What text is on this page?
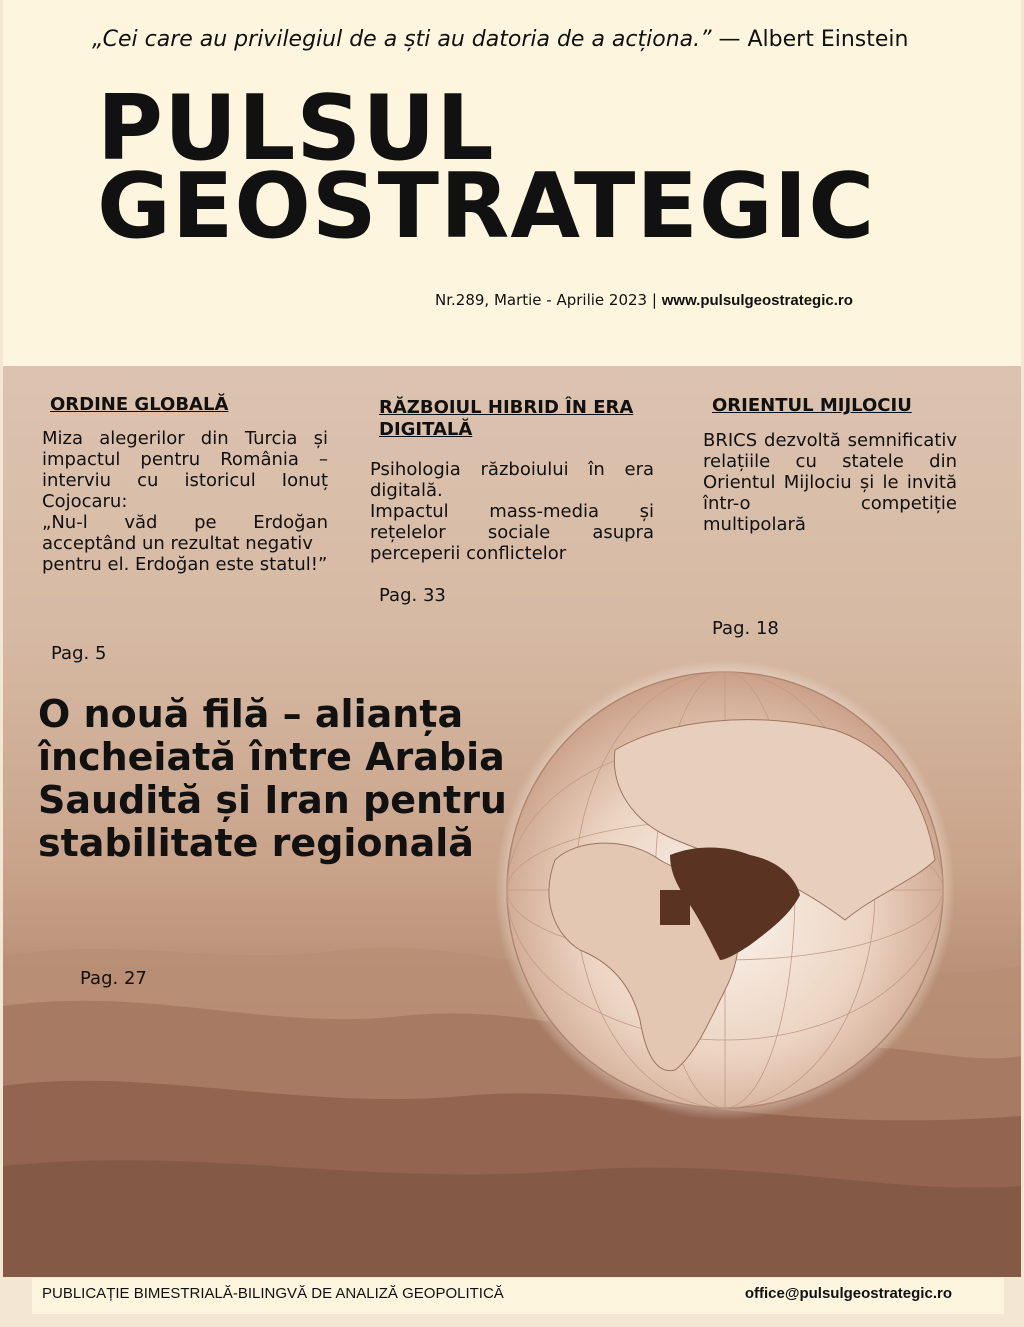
„Cei care au privilegiul de a ști au datoria de a acționa.” — Albert Einstein
PULSUL
GEOSTRATEGIC
Nr.289, Martie - Aprilie 2023 | www.pulsulgeostrategic.ro
ORDINE GLOBALĂ
Miza alegerilor din Turcia și impactul pentru România – interviu cu istoricul Ionuț Cojocaru:
„Nu-l văd pe Erdoğan acceptând un rezultat negativ
pentru el. Erdoğan este statul!”
Pag. 5
RĂZBOIUL HIBRID ÎN ERA DIGITALĂ
Psihologia războiului în era digitală.
Impactul mass-media și rețelelor sociale asupra perceperii conflictelor
Pag. 33
ORIENTUL MIJLOCIU
BRICS dezvoltă semnificativ relațiile cu statele din Orientul Mijlociu și le invită într-o competiție multipolară
Pag. 18
O nouă filă – alianța încheiată între Arabia Saudită și Iran pentru stabilitate regională
Pag. 27
PUBLICAȚIE BIMESTRIALĂ-BILINGVĂ DE ANALIZĂ GEOPOLITICĂ	office@pulsulgeostrategic.ro
